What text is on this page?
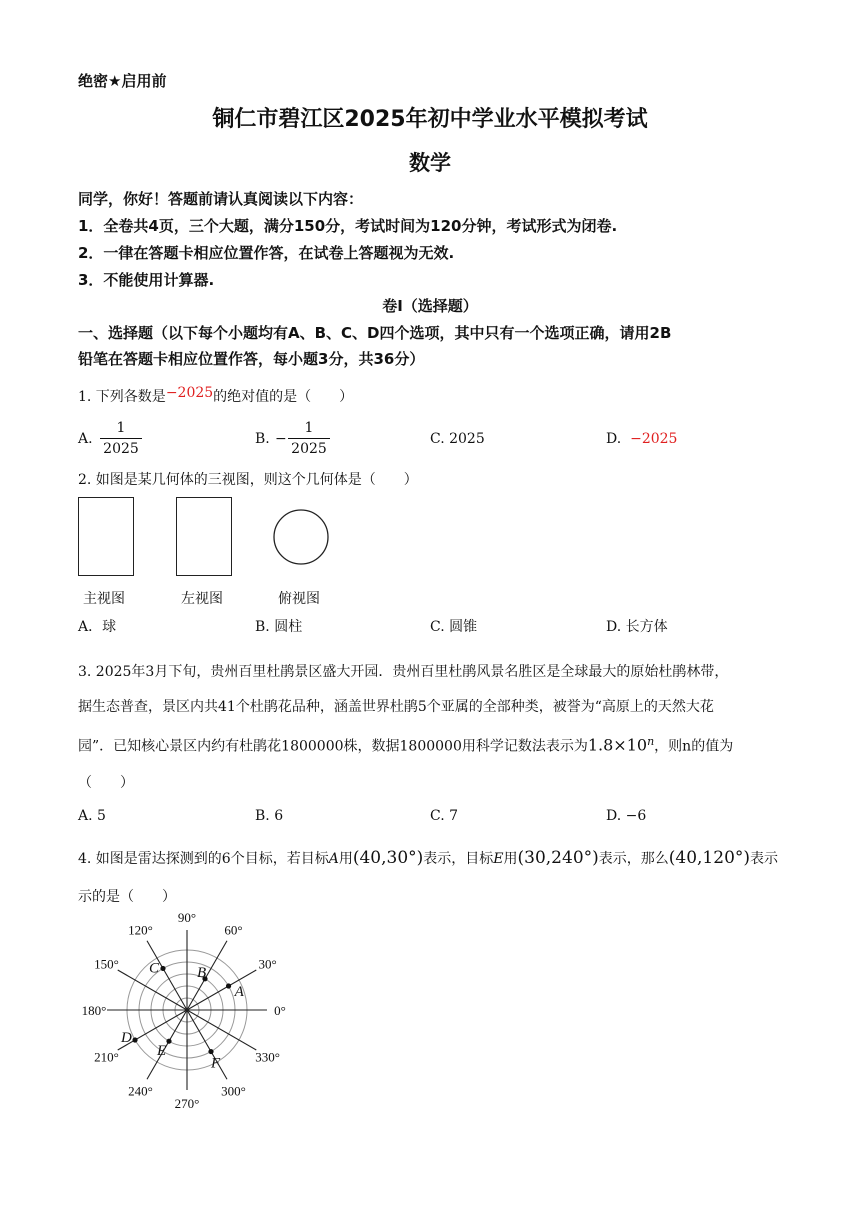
绝密★启用前
铜仁市碧江区2025年初中学业水平模拟考试
数学
同学，你好！答题前请认真阅读以下内容：
1．全卷共4页，三个大题，满分150分，考试时间为120分钟，考试形式为闭卷.
2．一律在答题卡相应位置作答，在试卷上答题视为无效.
3．不能使用计算器.
卷Ⅰ（选择题）
一、选择题（以下每个小题均有A、B、C、D四个选项，其中只有一个选项正确，请用2B
铅笔在答题卡相应位置作答，每小题3分，共36分）
1. 下列各数是−2025的绝对值的是（　　）
A.
1
2025
B. −
1
2025
C. 2025	D. −2025
2. 如图是某几何体的三视图，则这个几何体是（　　）
主视图	左视图	俯视图
A．球	B. 圆柱	C. 圆锥	D. 长方体
3. 2025年3月下旬，贵州百里杜鹃景区盛大开园．贵州百里杜鹃风景名胜区是全球最大的原始杜鹃林带，
据生态普查，景区内共41个杜鹃花品种，涵盖世界杜鹃5个亚属的全部种类，被誉为“高原上的天然大花
园”．已知核心景区内约有杜鹃花1800000株，数据1800000用科学记数法表示为$1.8\times 10^n$，则n的值为
（　　）
A. 5	B. 6	C. 7	D. −6
4. 如图是雷达探测到的6个目标，若目标A用(40,30°)表示，目标E用(30,240°)表示，那么(40,120°)表示
示的是（　　）
0°
30°
60°
90°
120°
150°
180°
210°
240°
270°
300°
330°
A
B
C
D
E
F
